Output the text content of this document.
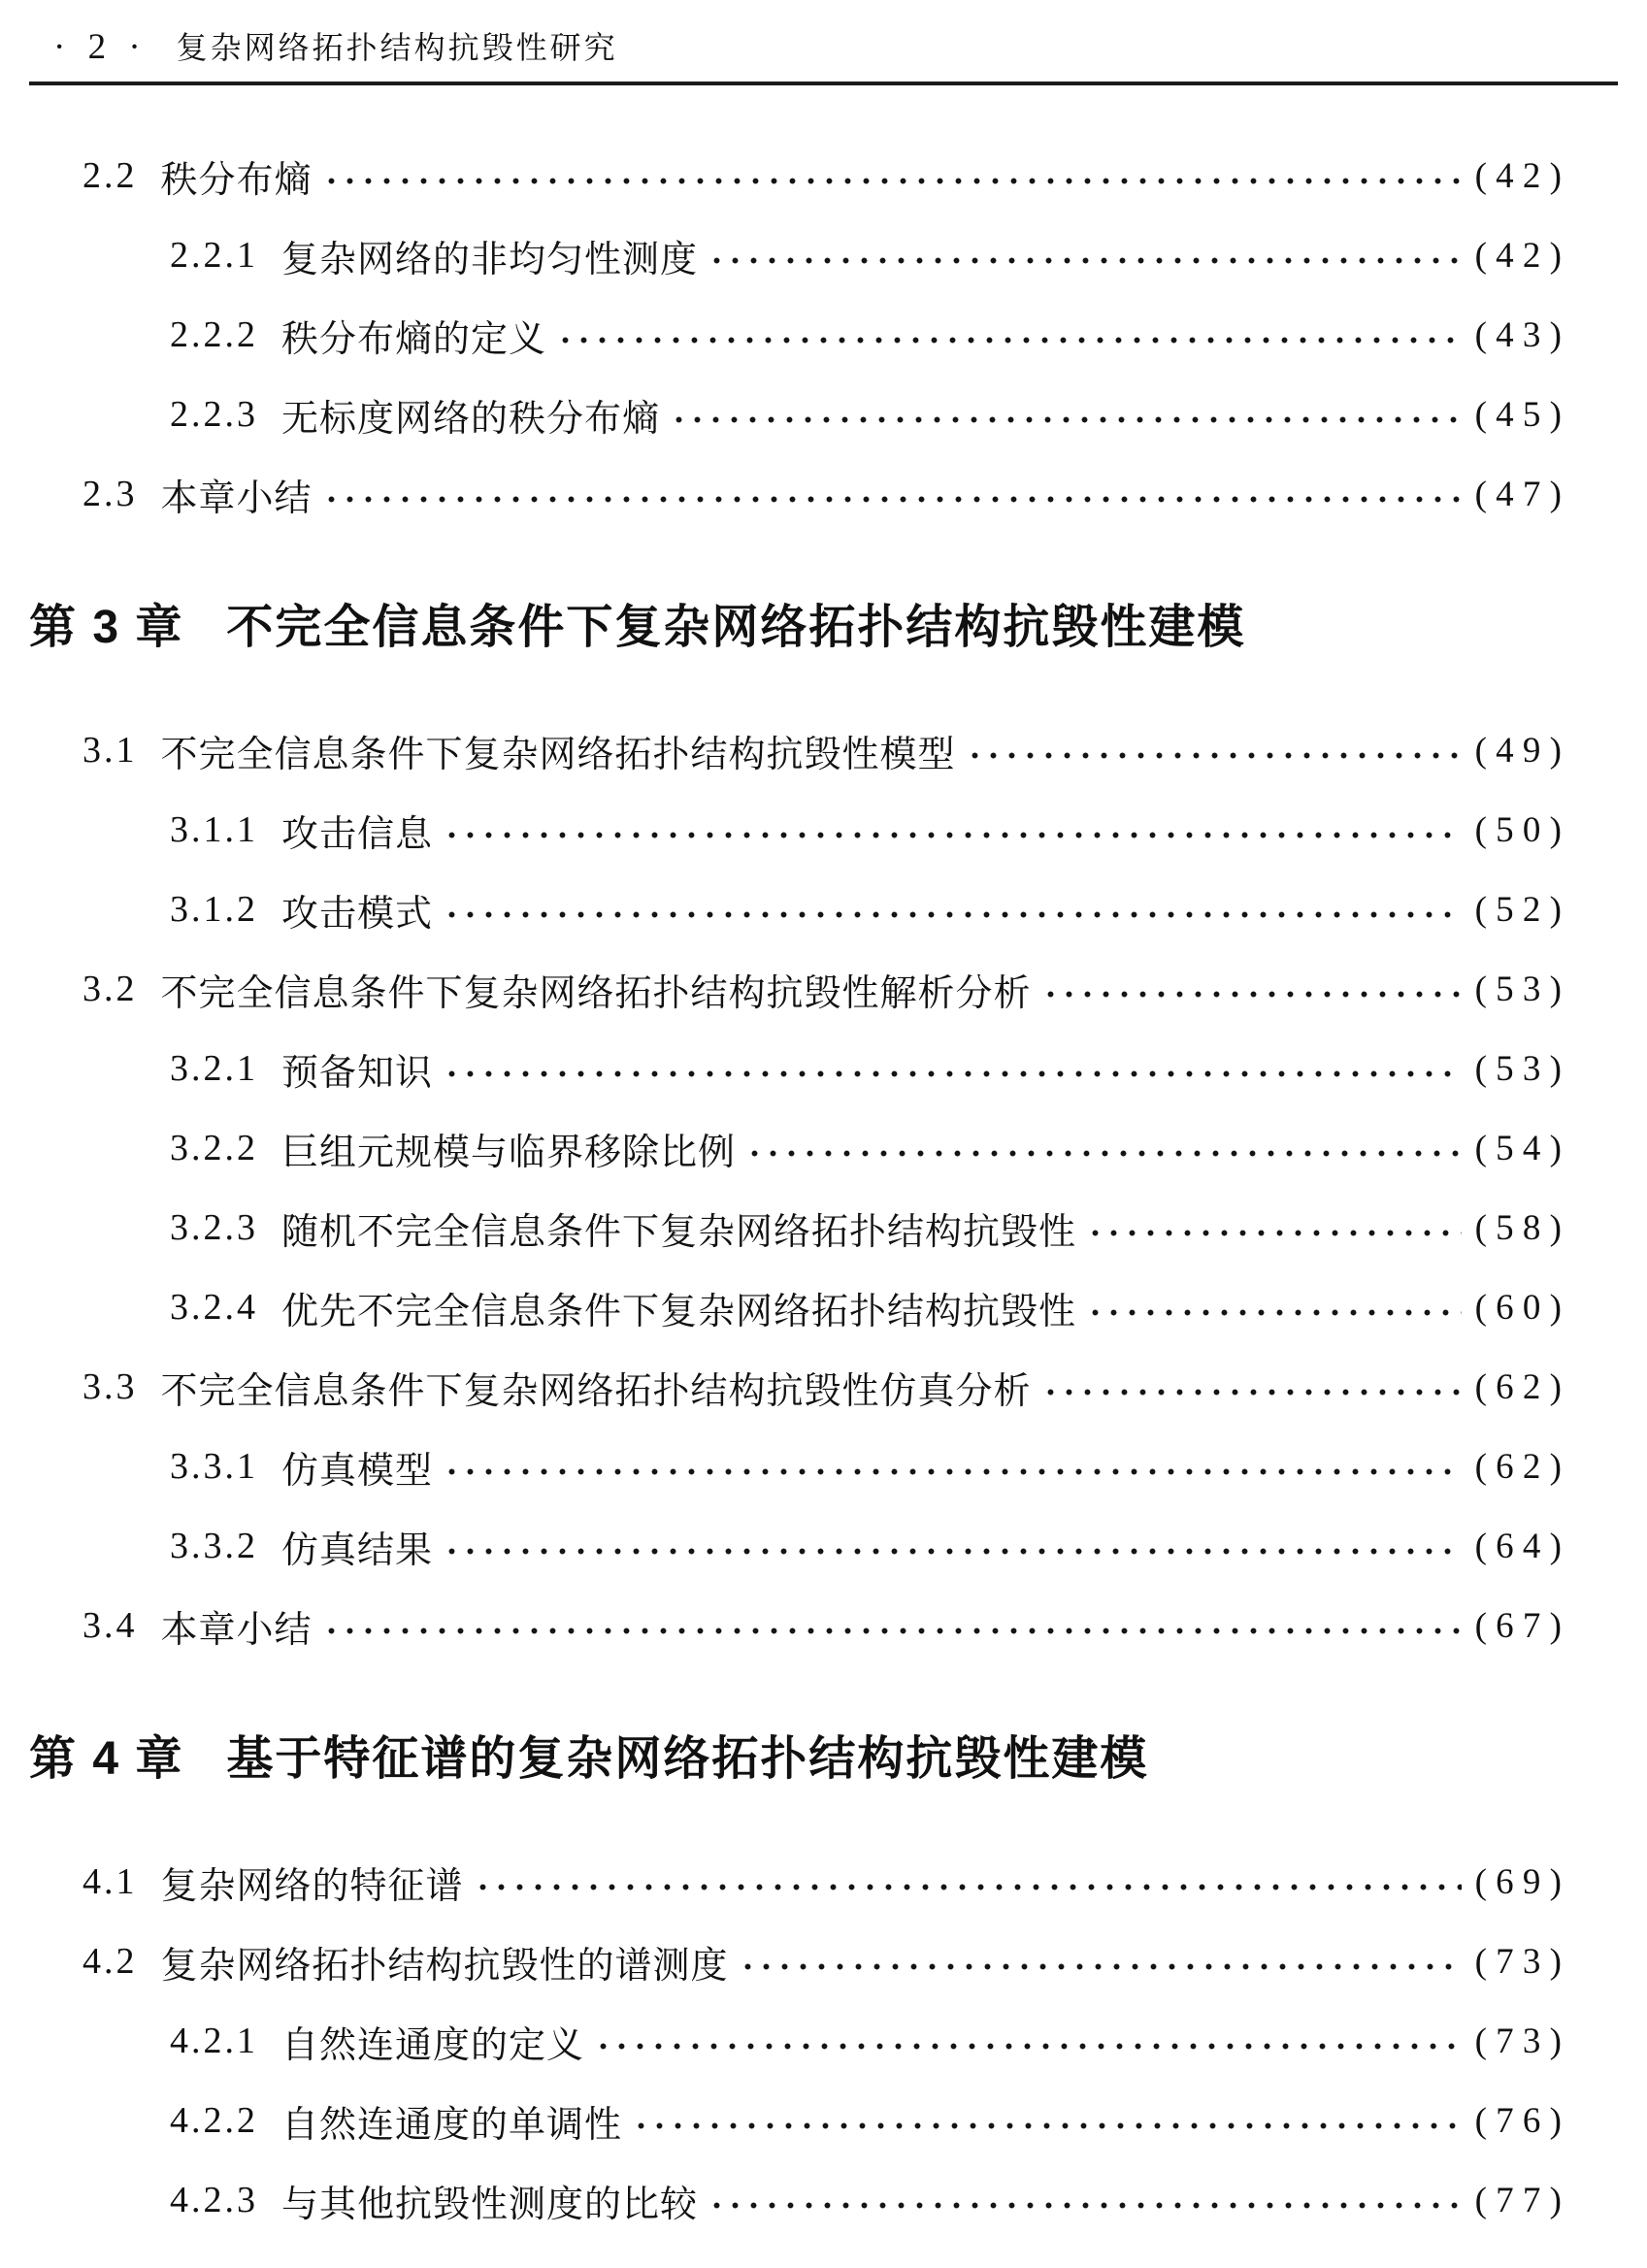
· 2 · 复杂网络拓扑结构抗毁性研究
2.2 秩分布熵	( 4 2 )
2.2.1 复杂网络的非均匀性测度	( 4 2 )
2.2.2 秩分布熵的定义	( 4 3 )
2.2.3 无标度网络的秩分布熵	( 4 5 )
2.3 本章小结	( 4 7 )
第 3 章 不完全信息条件下复杂网络拓扑结构抗毁性建模
3.1 不完全信息条件下复杂网络拓扑结构抗毁性模型	( 4 9 )
3.1.1 攻击信息	( 5 0 )
3.1.2 攻击模式	( 5 2 )
3.2 不完全信息条件下复杂网络拓扑结构抗毁性解析分析	( 5 3 )
3.2.1 预备知识	( 5 3 )
3.2.2 巨组元规模与临界移除比例	( 5 4 )
3.2.3 随机不完全信息条件下复杂网络拓扑结构抗毁性	( 5 8 )
3.2.4 优先不完全信息条件下复杂网络拓扑结构抗毁性	( 6 0 )
3.3 不完全信息条件下复杂网络拓扑结构抗毁性仿真分析	( 6 2 )
3.3.1 仿真模型	( 6 2 )
3.3.2 仿真结果	( 6 4 )
3.4 本章小结	( 6 7 )
第 4 章 基于特征谱的复杂网络拓扑结构抗毁性建模
4.1 复杂网络的特征谱	( 6 9 )
4.2 复杂网络拓扑结构抗毁性的谱测度	( 7 3 )
4.2.1 自然连通度的定义	( 7 3 )
4.2.2 自然连通度的单调性	( 7 6 )
4.2.3 与其他抗毁性测度的比较	( 7 7 )
